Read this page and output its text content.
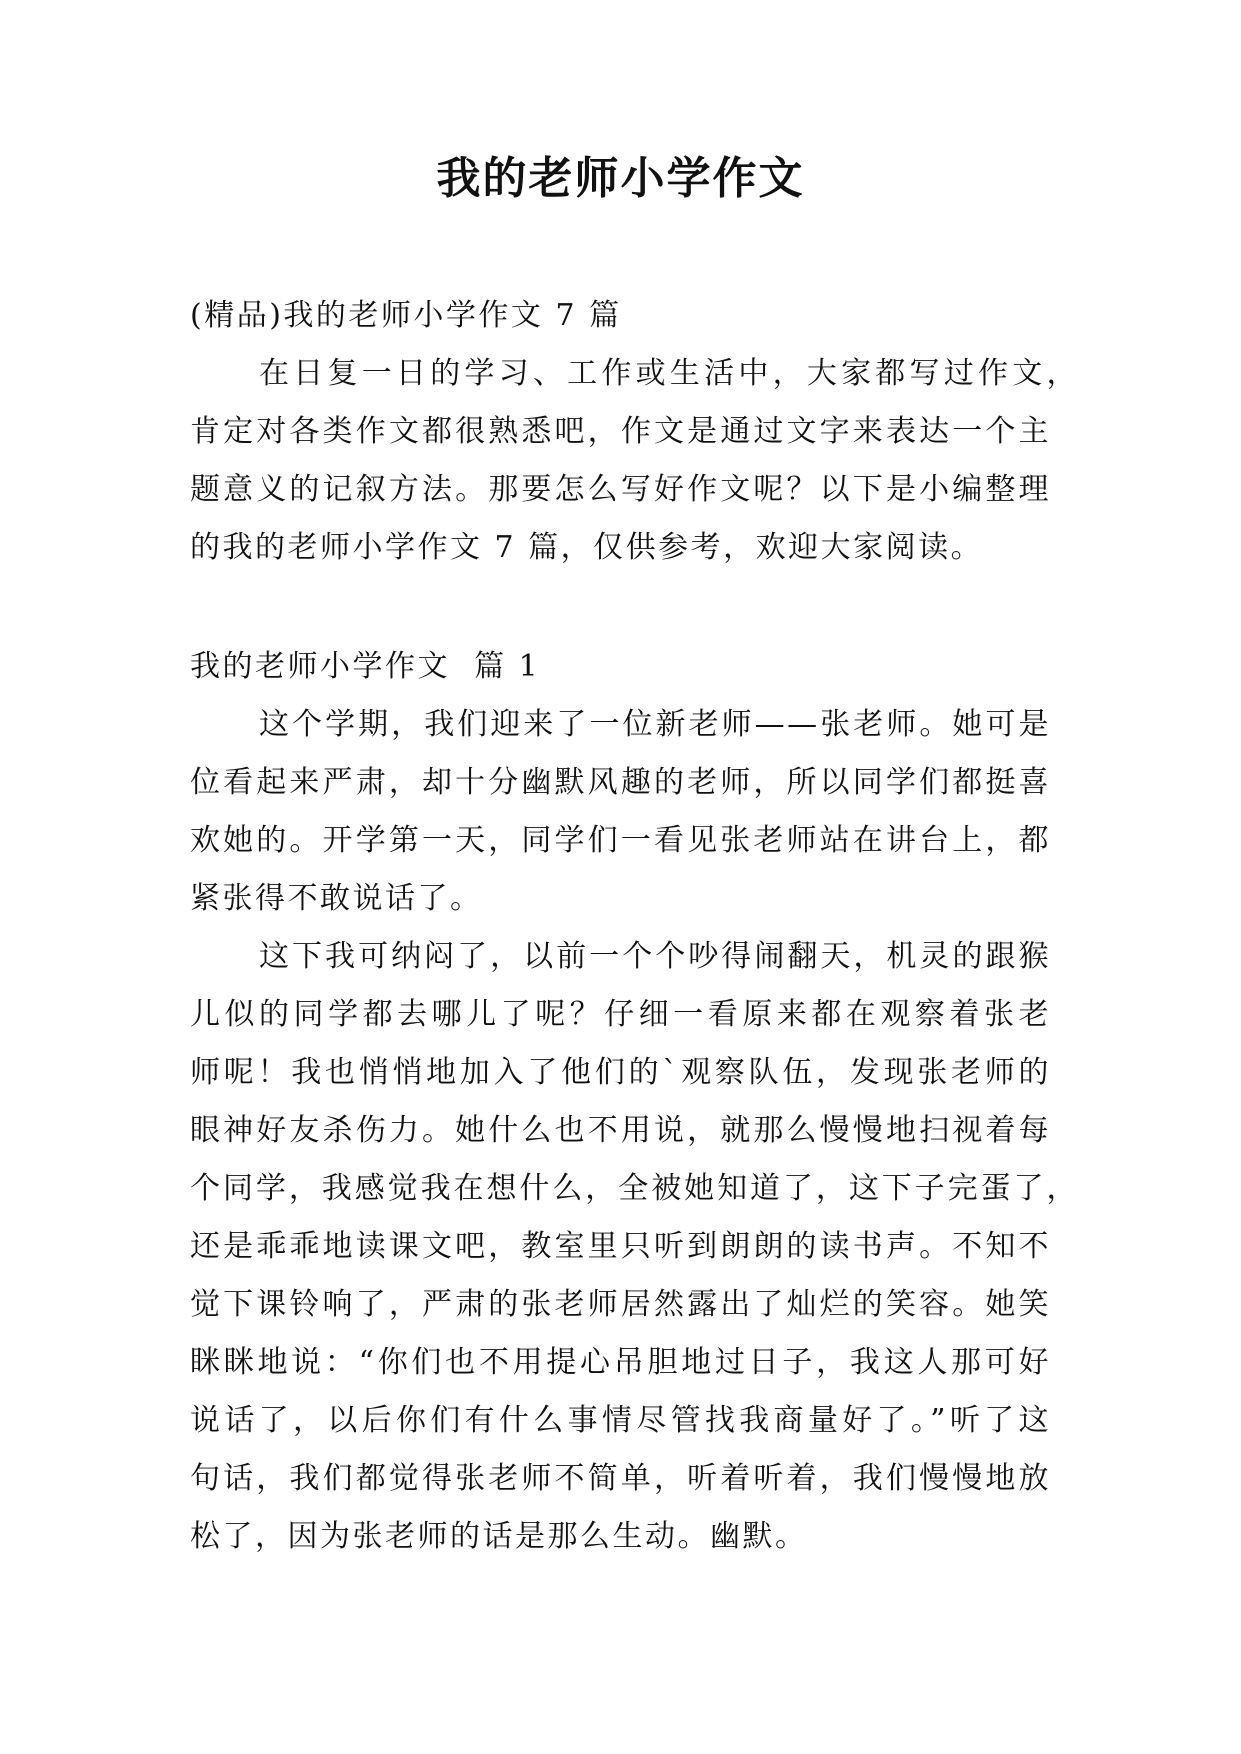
我的老师小学作文
(精品)我的老师小学作文 7 篇
在日复一日的学习、工作或生活中，大家都写过作文，
肯定对各类作文都很熟悉吧，作文是通过文字来表达一个主
题意义的记叙方法。那要怎么写好作文呢？以下是小编整理
的我的老师小学作文 7 篇，仅供参考，欢迎大家阅读。
我的老师小学作文  篇 1
这个学期，我们迎来了一位新老师——张老师。她可是
位看起来严肃，却十分幽默风趣的老师，所以同学们都挺喜
欢她的。开学第一天，同学们一看见张老师站在讲台上，都
紧张得不敢说话了。
这下我可纳闷了，以前一个个吵得闹翻天，机灵的跟猴
儿似的同学都去哪儿了呢？仔细一看原来都在观察着张老
师呢！我也悄悄地加入了他们的`观察队伍，发现张老师的
眼神好友杀伤力。她什么也不用说，就那么慢慢地扫视着每
个同学，我感觉我在想什么，全被她知道了，这下子完蛋了，
还是乖乖地读课文吧，教室里只听到朗朗的读书声。不知不
觉下课铃响了，严肃的张老师居然露出了灿烂的笑容。她笑
眯眯地说：“你们也不用提心吊胆地过日子，我这人那可好
说话了，以后你们有什么事情尽管找我商量好了。”听了这
句话，我们都觉得张老师不简单，听着听着，我们慢慢地放
松了，因为张老师的话是那么生动。幽默。
